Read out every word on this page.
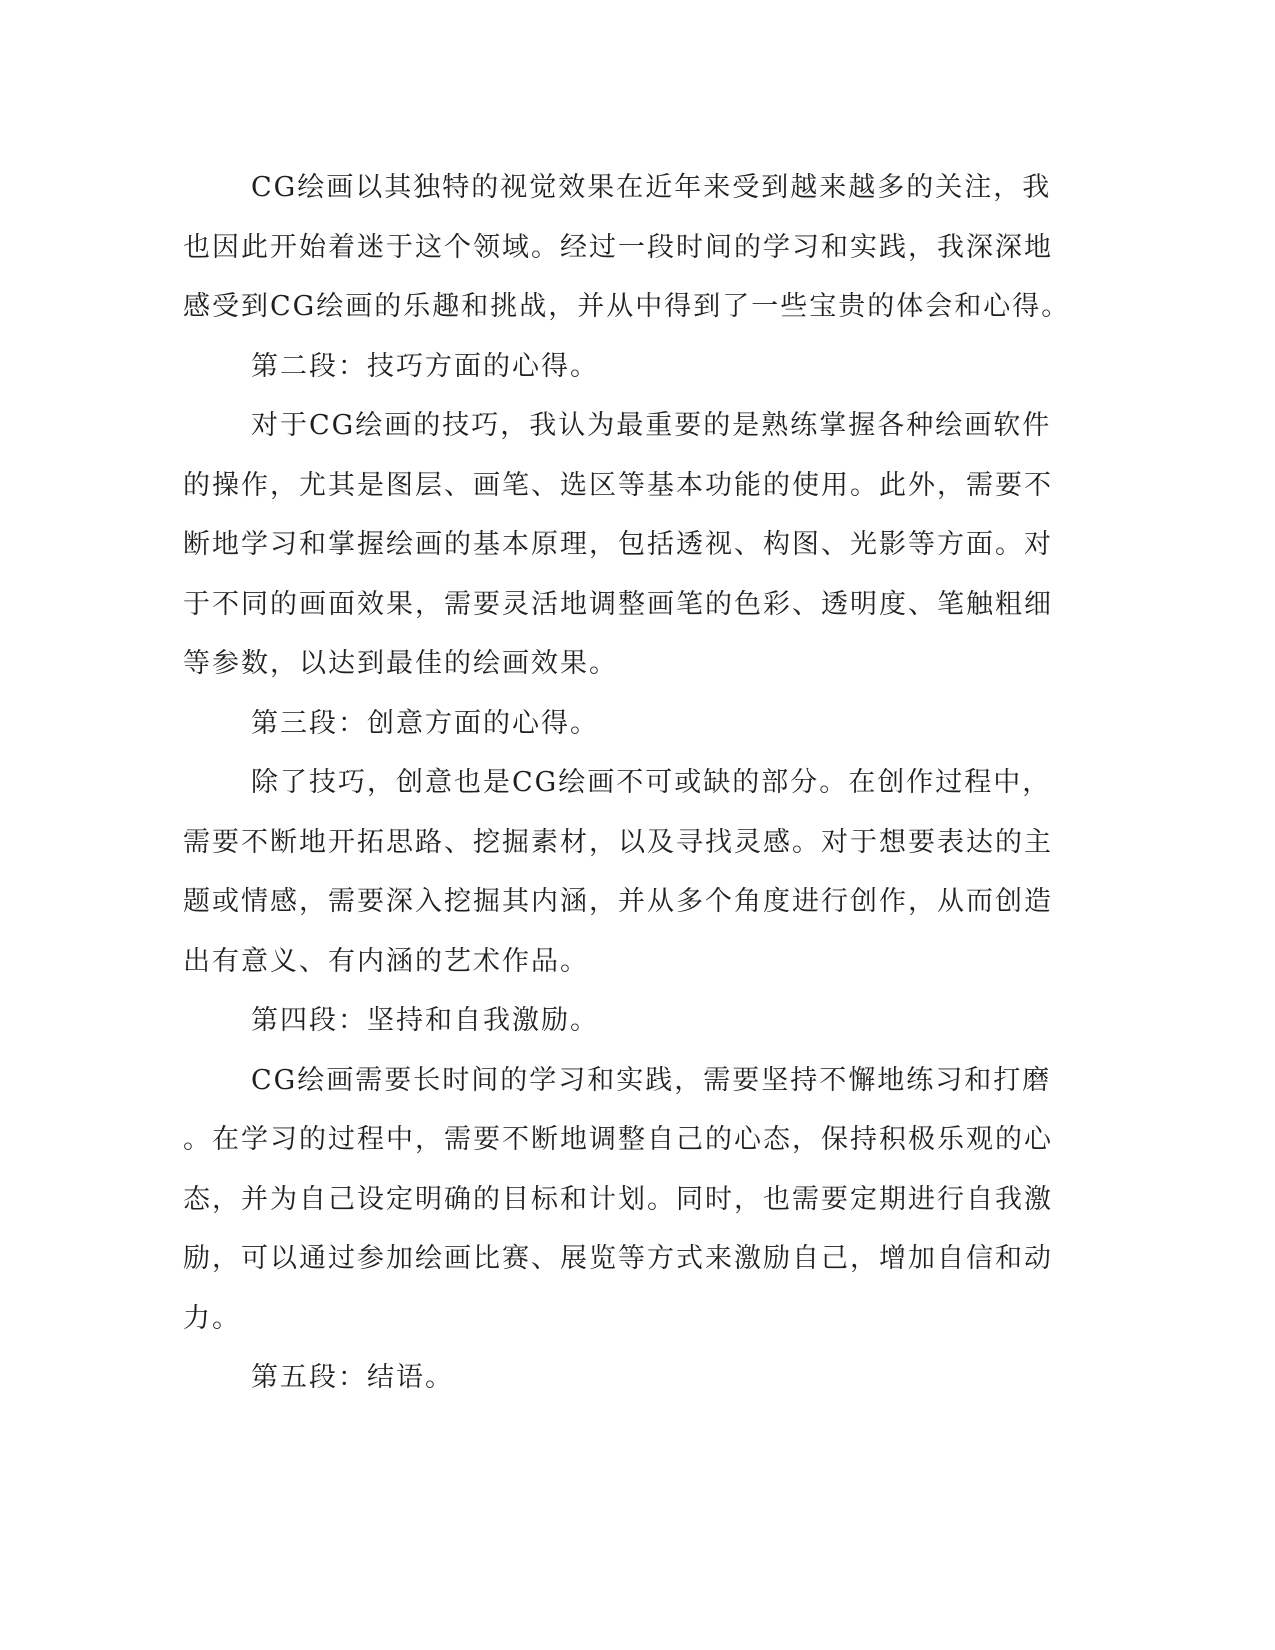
CG绘画以其独特的视觉效果在近年来受到越来越多的关注，我
也因此开始着迷于这个领域。经过一段时间的学习和实践，我深深地
感受到CG绘画的乐趣和挑战，并从中得到了一些宝贵的体会和心得。
第二段：技巧方面的心得。
对于CG绘画的技巧，我认为最重要的是熟练掌握各种绘画软件
的操作，尤其是图层、画笔、选区等基本功能的使用。此外，需要不
断地学习和掌握绘画的基本原理，包括透视、构图、光影等方面。对
于不同的画面效果，需要灵活地调整画笔的色彩、透明度、笔触粗细
等参数，以达到最佳的绘画效果。
第三段：创意方面的心得。
除了技巧，创意也是CG绘画不可或缺的部分。在创作过程中，
需要不断地开拓思路、挖掘素材，以及寻找灵感。对于想要表达的主
题或情感，需要深入挖掘其内涵，并从多个角度进行创作，从而创造
出有意义、有内涵的艺术作品。
第四段：坚持和自我激励。
CG绘画需要长时间的学习和实践，需要坚持不懈地练习和打磨
。在学习的过程中，需要不断地调整自己的心态，保持积极乐观的心
态，并为自己设定明确的目标和计划。同时，也需要定期进行自我激
励，可以通过参加绘画比赛、展览等方式来激励自己，增加自信和动
力。
第五段：结语。
